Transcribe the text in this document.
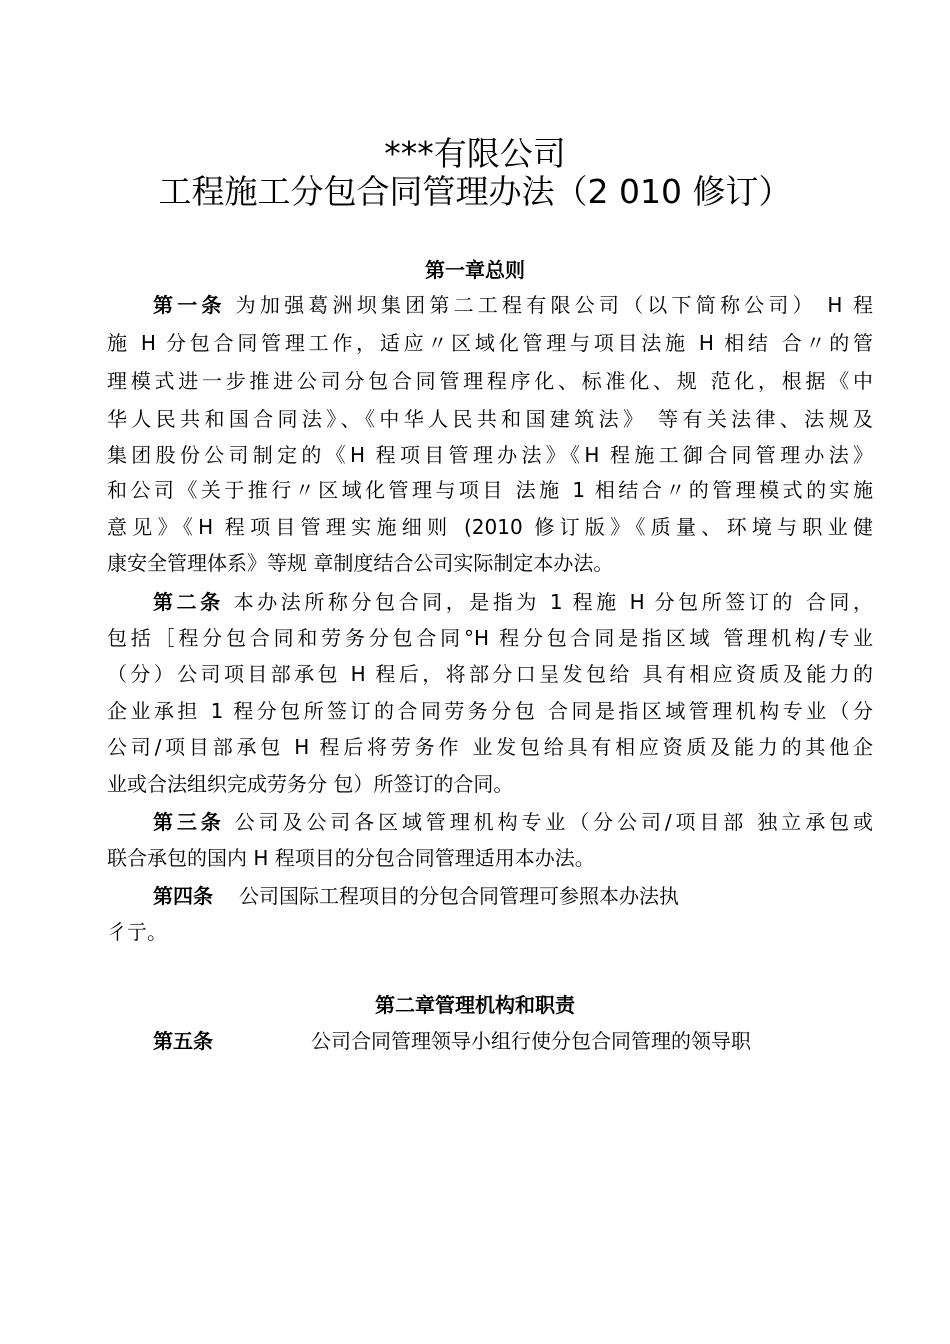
***有限公司
工程施工分包合同管理办法（2 010 修订）
第一章总则
第一条 为加强葛洲坝集团第二工程有限公司（以下简称公司） H 程
施 H 分包合同管理工作，适应〃区域化管理与项目法施 H 相结 合〃的管
理模式进一步推进公司分包合同管理程序化、标准化、规 范化，根据《中
华人民共和国合同法》、《中华人民共和国建筑法》 等有关法律、法规及
集团股份公司制定的《H 程项目管理办法》《H 程施工御合同管理办法》
和公司《关于推行〃区域化管理与项目 法施 1 相结合〃的管理模式的实施
意见》《H 程项目管理实施细则 (2010 修订版》《质量、环境与职业健
康安全管理体系》等规 章制度结合公司实际制定本办法。
第二条 本办法所称分包合同，是指为 1 程施 H 分包所签订的 合同，
包括［程分包合同和劳务分包合同°H 程分包合同是指区域 管理机构/专业
（分）公司项目部承包 H 程后，将部分口呈发包给 具有相应资质及能力的
企业承担 1 程分包所签订的合同劳务分包 合同是指区域管理机构专业（分
公司/项目部承包 H 程后将劳务作 业发包给具有相应资质及能力的其他企
业或合法组织完成劳务分 包）所签订的合同。
第三条 公司及公司各区域管理机构专业（分公司/项目部 独立承包或
联合承包的国内 H 程项目的分包合同管理适用本办法。
第四条 公司国际工程项目的分包合同管理可参照本办法执
彳亍。
第二章管理机构和职责
第五条	公司合同管理领导小组行使分包合同管理的领导职
